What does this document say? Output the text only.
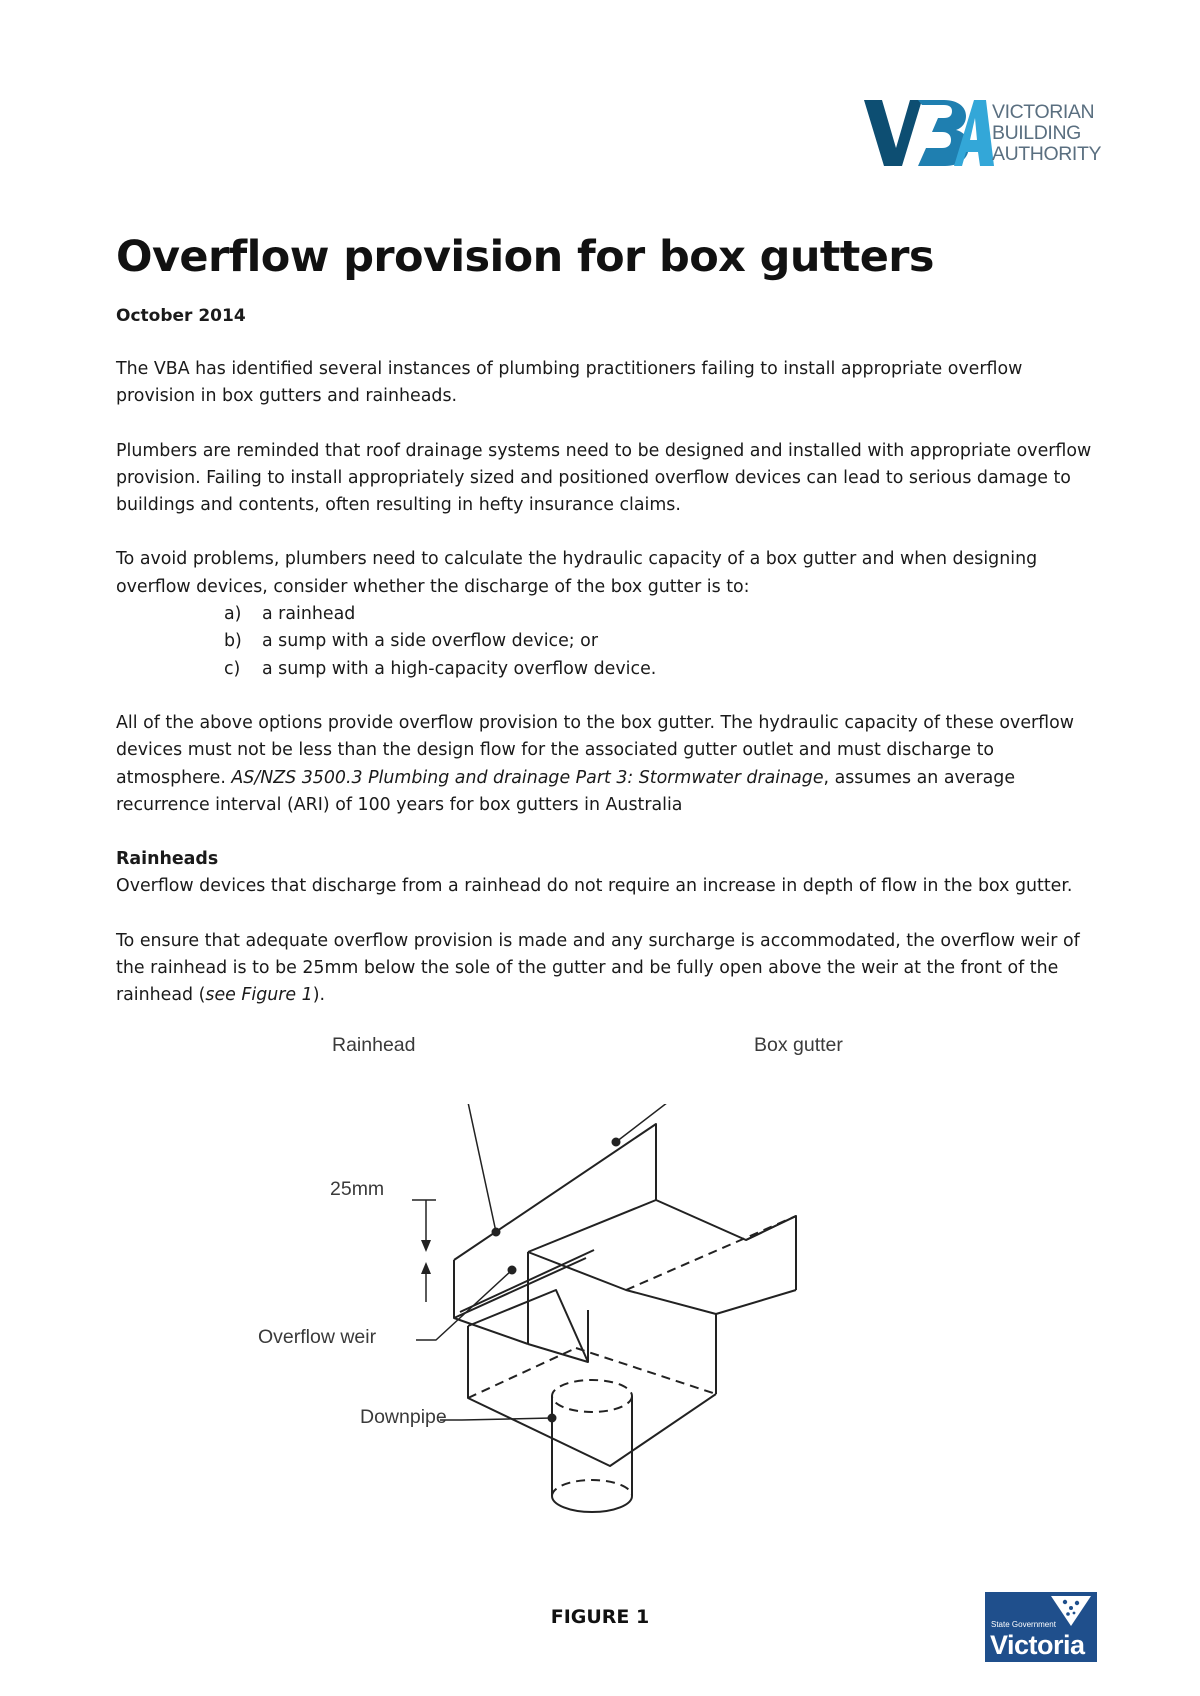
VICTORIAN
BUILDING
AUTHORITY
Overflow provision for box gutters
October 2014

The VBA has identified several instances of plumbing practitioners failing to install appropriate overflow provision in box gutters and rainheads.

Plumbers are reminded that roof drainage systems need to be designed and installed with appropriate overflow provision. Failing to install appropriately sized and positioned overflow devices can lead to serious damage to buildings and contents, often resulting in hefty insurance claims.

To avoid problems, plumbers need to calculate the hydraulic capacity of a box gutter and when designing overflow devices, consider whether the discharge of the box gutter is to:

a) a rainhead
b) a sump with a side overflow device; or
c) a sump with a high-capacity overflow device.

All of the above options provide overflow provision to the box gutter. The hydraulic capacity of these overflow devices must not be less than the design flow for the associated gutter outlet and must discharge to atmosphere. AS/NZS 3500.3 Plumbing and drainage Part 3: Stormwater drainage, assumes an average recurrence interval (ARI) of 100 years for box gutters in Australia

Rainheads
Overflow devices that discharge from a rainhead do not require an increase in depth of flow in the box gutter.

To ensure that adequate overflow provision is made and any surcharge is accommodated, the overflow weir of the rainhead is to be 25mm below the sole of the gutter and be fully open above the weir at the front of the rainhead (see Figure 1).

Rainhead	Box gutter
25mm
Overflow weir
Downpipe
FIGURE 1	State Government
Victoria
